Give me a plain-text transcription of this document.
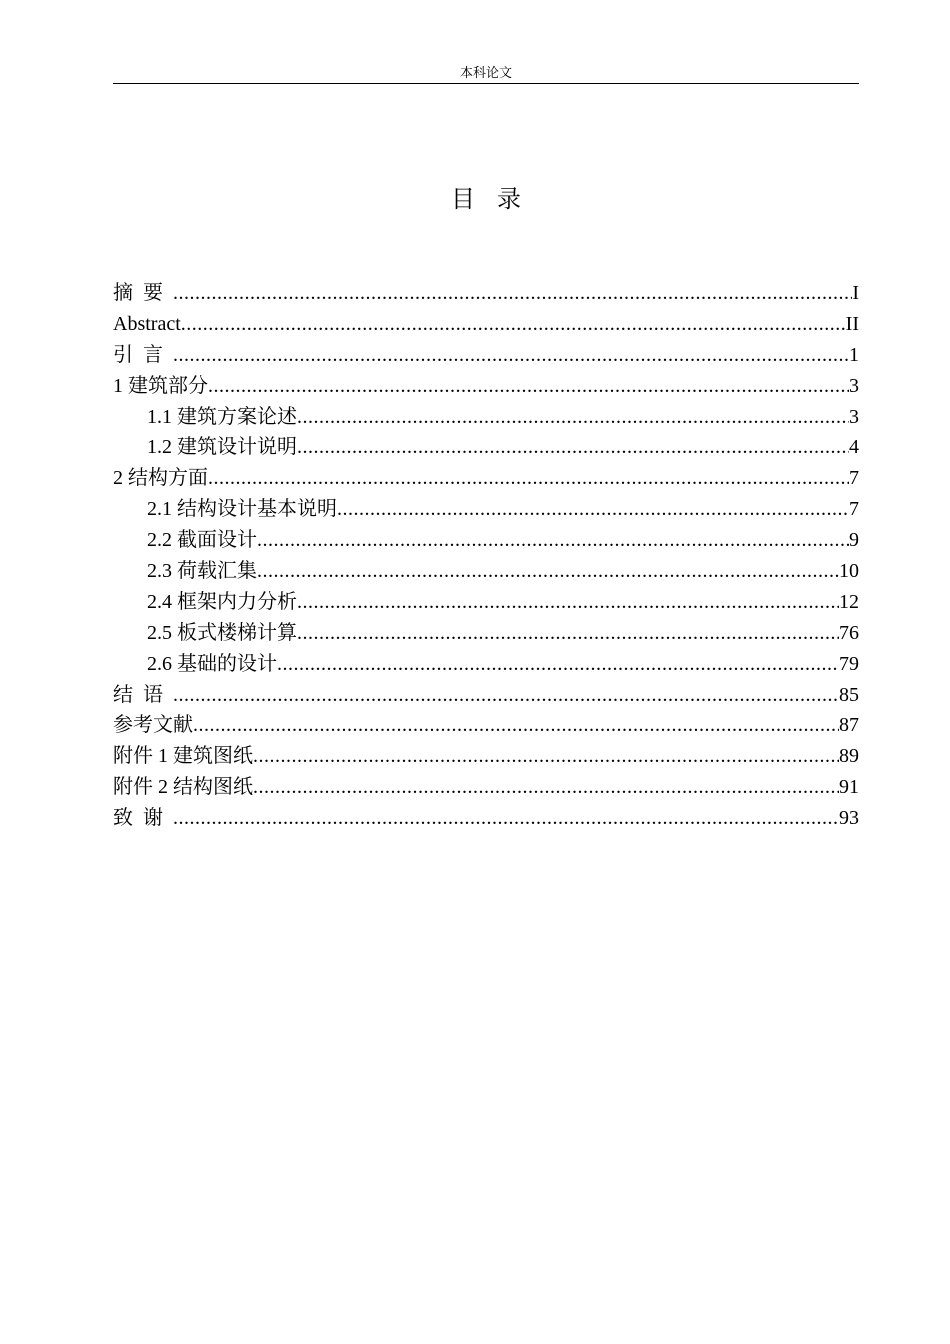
本科论文
目录
摘要 .....	I
Abstract .....	II
引言 .....	1
1 建筑部分 .....	3
1.1 建筑方案论述 .....	3
1.2 建筑设计说明 .....	4
2 结构方面 .....	7
2.1 结构设计基本说明 .....	7
2.2 截面设计 .....	9
2.3 荷载汇集 .....	10
2.4 框架内力分析 .....	12
2.5 板式楼梯计算 .....	76
2.6 基础的设计 .....	79
结语 .....	85
参考文献 .....	87
附件 1 建筑图纸 .....	89
附件 2 结构图纸 .....	91
致谢 .....	93
